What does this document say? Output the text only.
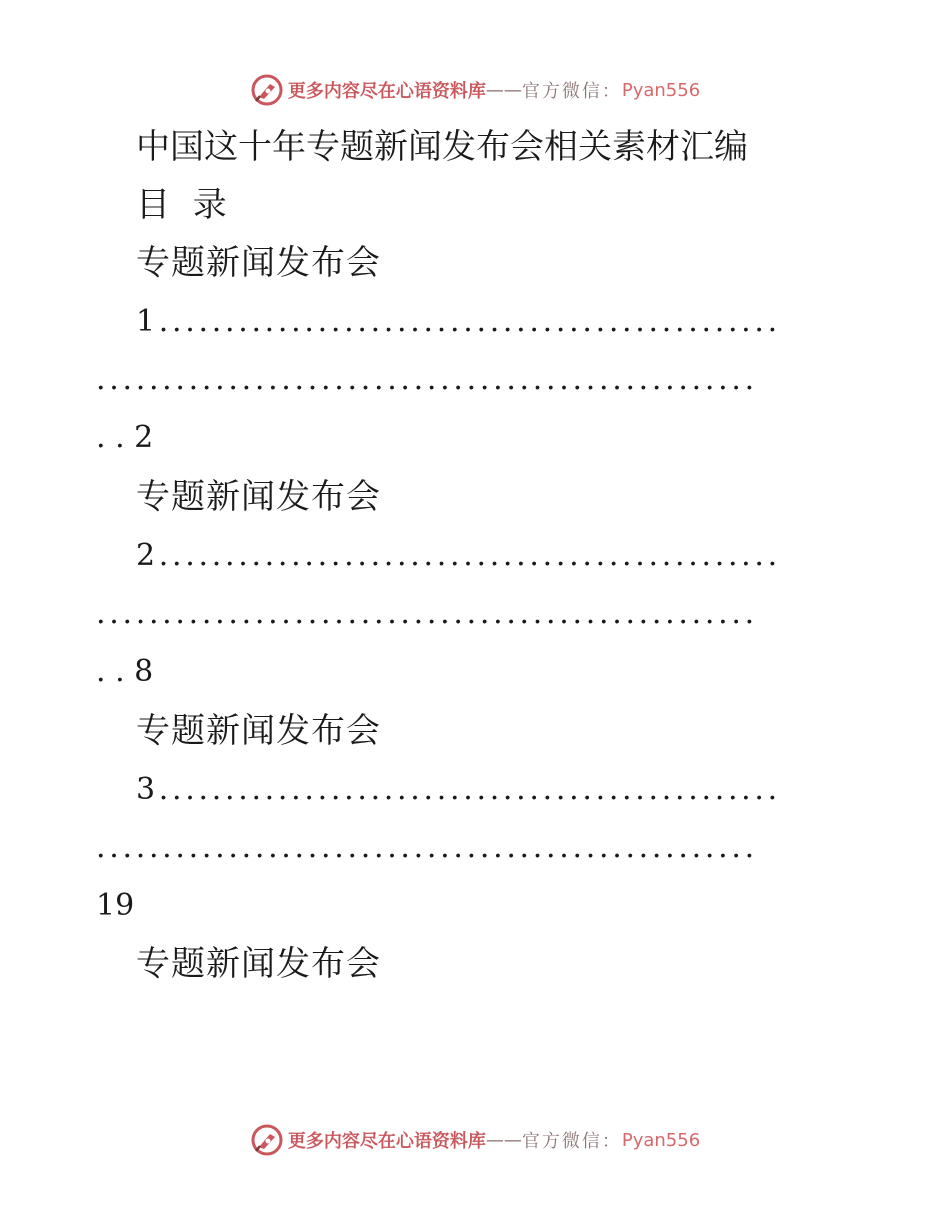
更多内容尽在心语资料库 —— 官方微信： Pyan556
中国这十年专题新闻发布会相关素材汇编
目 录
专题新闻发布会
1...............................................
..................................................
. . 2
专题新闻发布会
2...............................................
..................................................
. . 8
专题新闻发布会
3...............................................
..................................................
19
专题新闻发布会
更多内容尽在心语资料库 —— 官方微信： Pyan556
